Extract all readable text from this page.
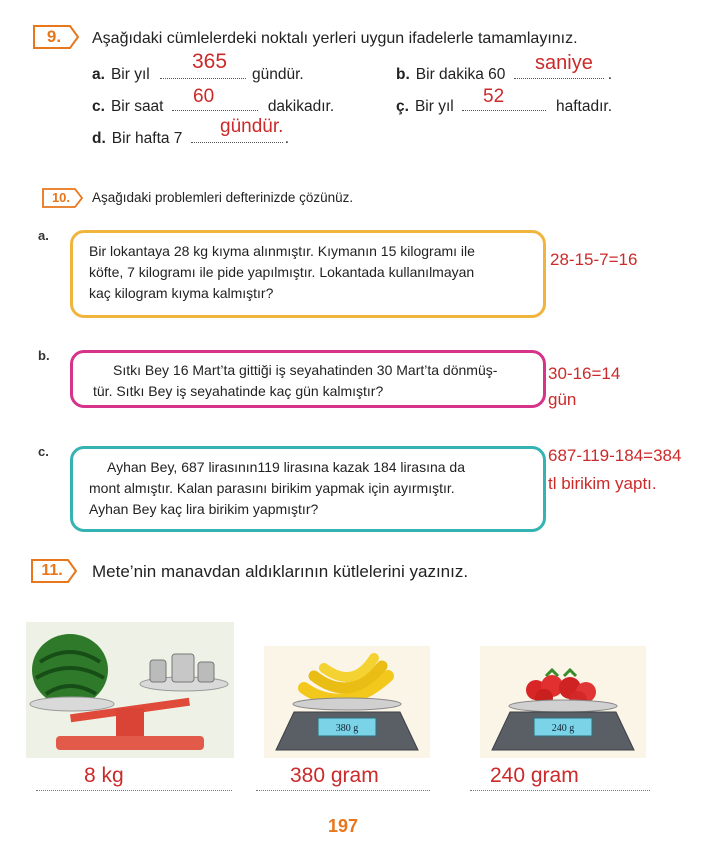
9.	Aşağıdaki cümlelerdeki noktalı yerleri uygun ifadelerle tamamlayınız.
a. Bir yıl	gündür.
365
b. Bir dakika 60	.
saniye
c. Bir saat	dakikadır.
60	ç. Bir yıl	haftadır.
52
d. Bir hafta 7	.
gündür.
10.	Aşağıdaki problemleri defterinizde çözünüz.
a.

Bir lokantaya 28 kg kıyma alınmıştır. Kıymanın 15 kilogramı ile

köfte, 7 kilogramı ile pide yapılmıştır. Lokantada kullanılmayan

kaç kilogram kıyma kalmıştır?

28-15-7=16
b.

Sıtkı Bey 16 Mart’ta gittiği iş seyahatinden 30 Mart’ta dönmüş-

tür. Sıtkı Bey iş seyahatinde kaç gün kalmıştır?

30-16=14
gün
c.

Ayhan Bey, 687 lirasının119 lirasına kazak 184 lirasına da

mont almıştır. Kalan parasını birikim yapmak için ayırmıştır.

Ayhan Bey kaç lira birikim yapmıştır?

687-119-184=384
tl birikim yaptı.
11.	Mete’nin manavdan aldıklarının kütlelerini yazınız.
8 kg
380 g
380 gram
240 g
240 gram
197
